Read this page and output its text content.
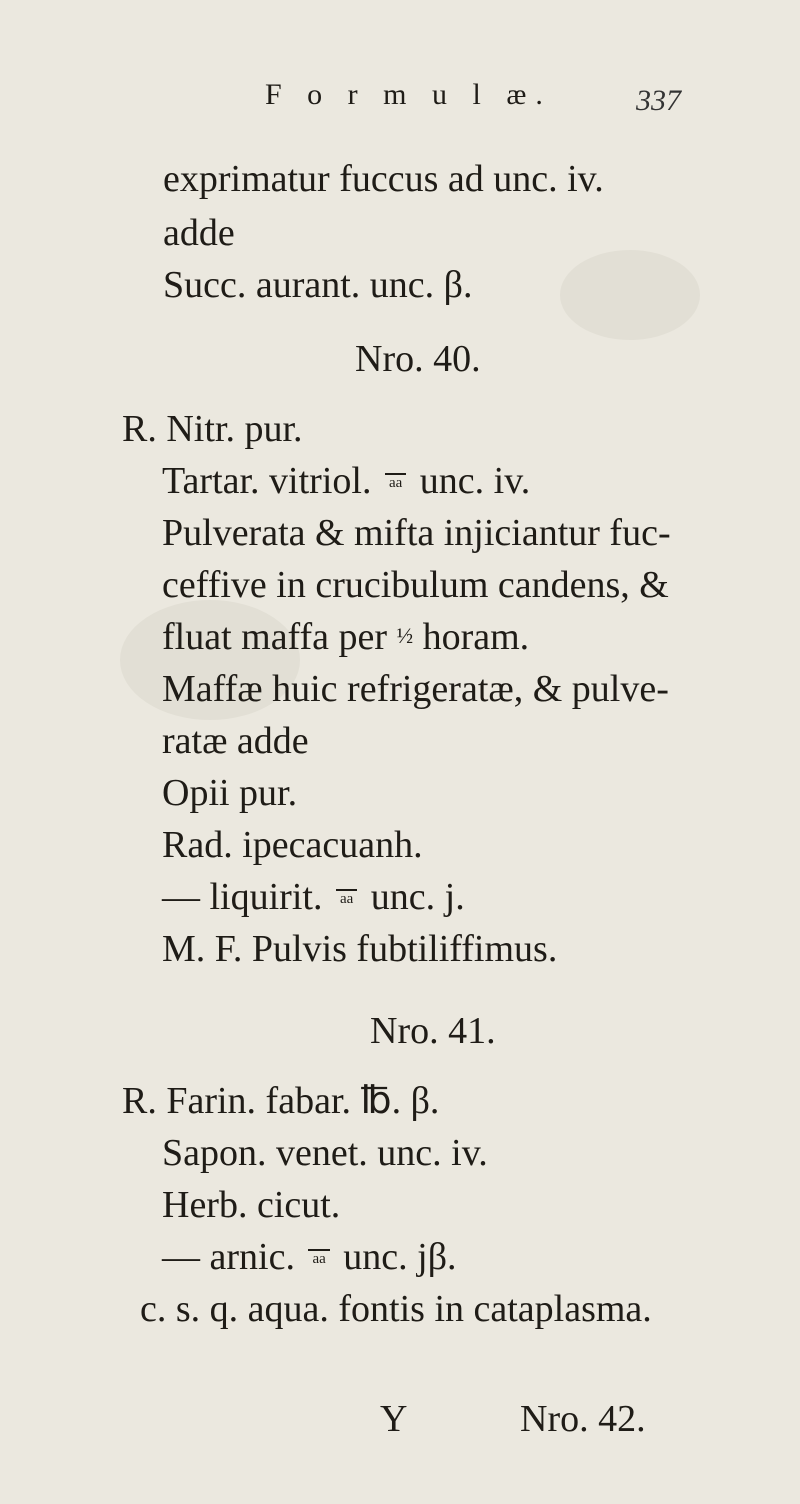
F o r m u l æ.	337
exprimatur fuccus ad unc. iv.
adde
Succ. aurant. unc. β.
Nro. 40.
R. Nitr. pur.
Tartar. vitriol. aa unc. iv.
Pulverata & mifta injiciantur fuc-
ceffive in crucibulum candens, &
fluat maffa per ½ horam.
Maffæ huic refrigeratæ, & pulve-
ratæ adde
Opii pur.
Rad. ipecacuanh.
— liquirit. aa unc. j.
M. F. Pulvis fubtiliffimus.
Nro. 41.
R. Farin. fabar. ℔. β.
Sapon. venet. unc. iv.
Herb. cicut.
— arnic. aa unc. jβ.
c. s. q. aqua. fontis in cataplasma.
Y	Nro. 42.
